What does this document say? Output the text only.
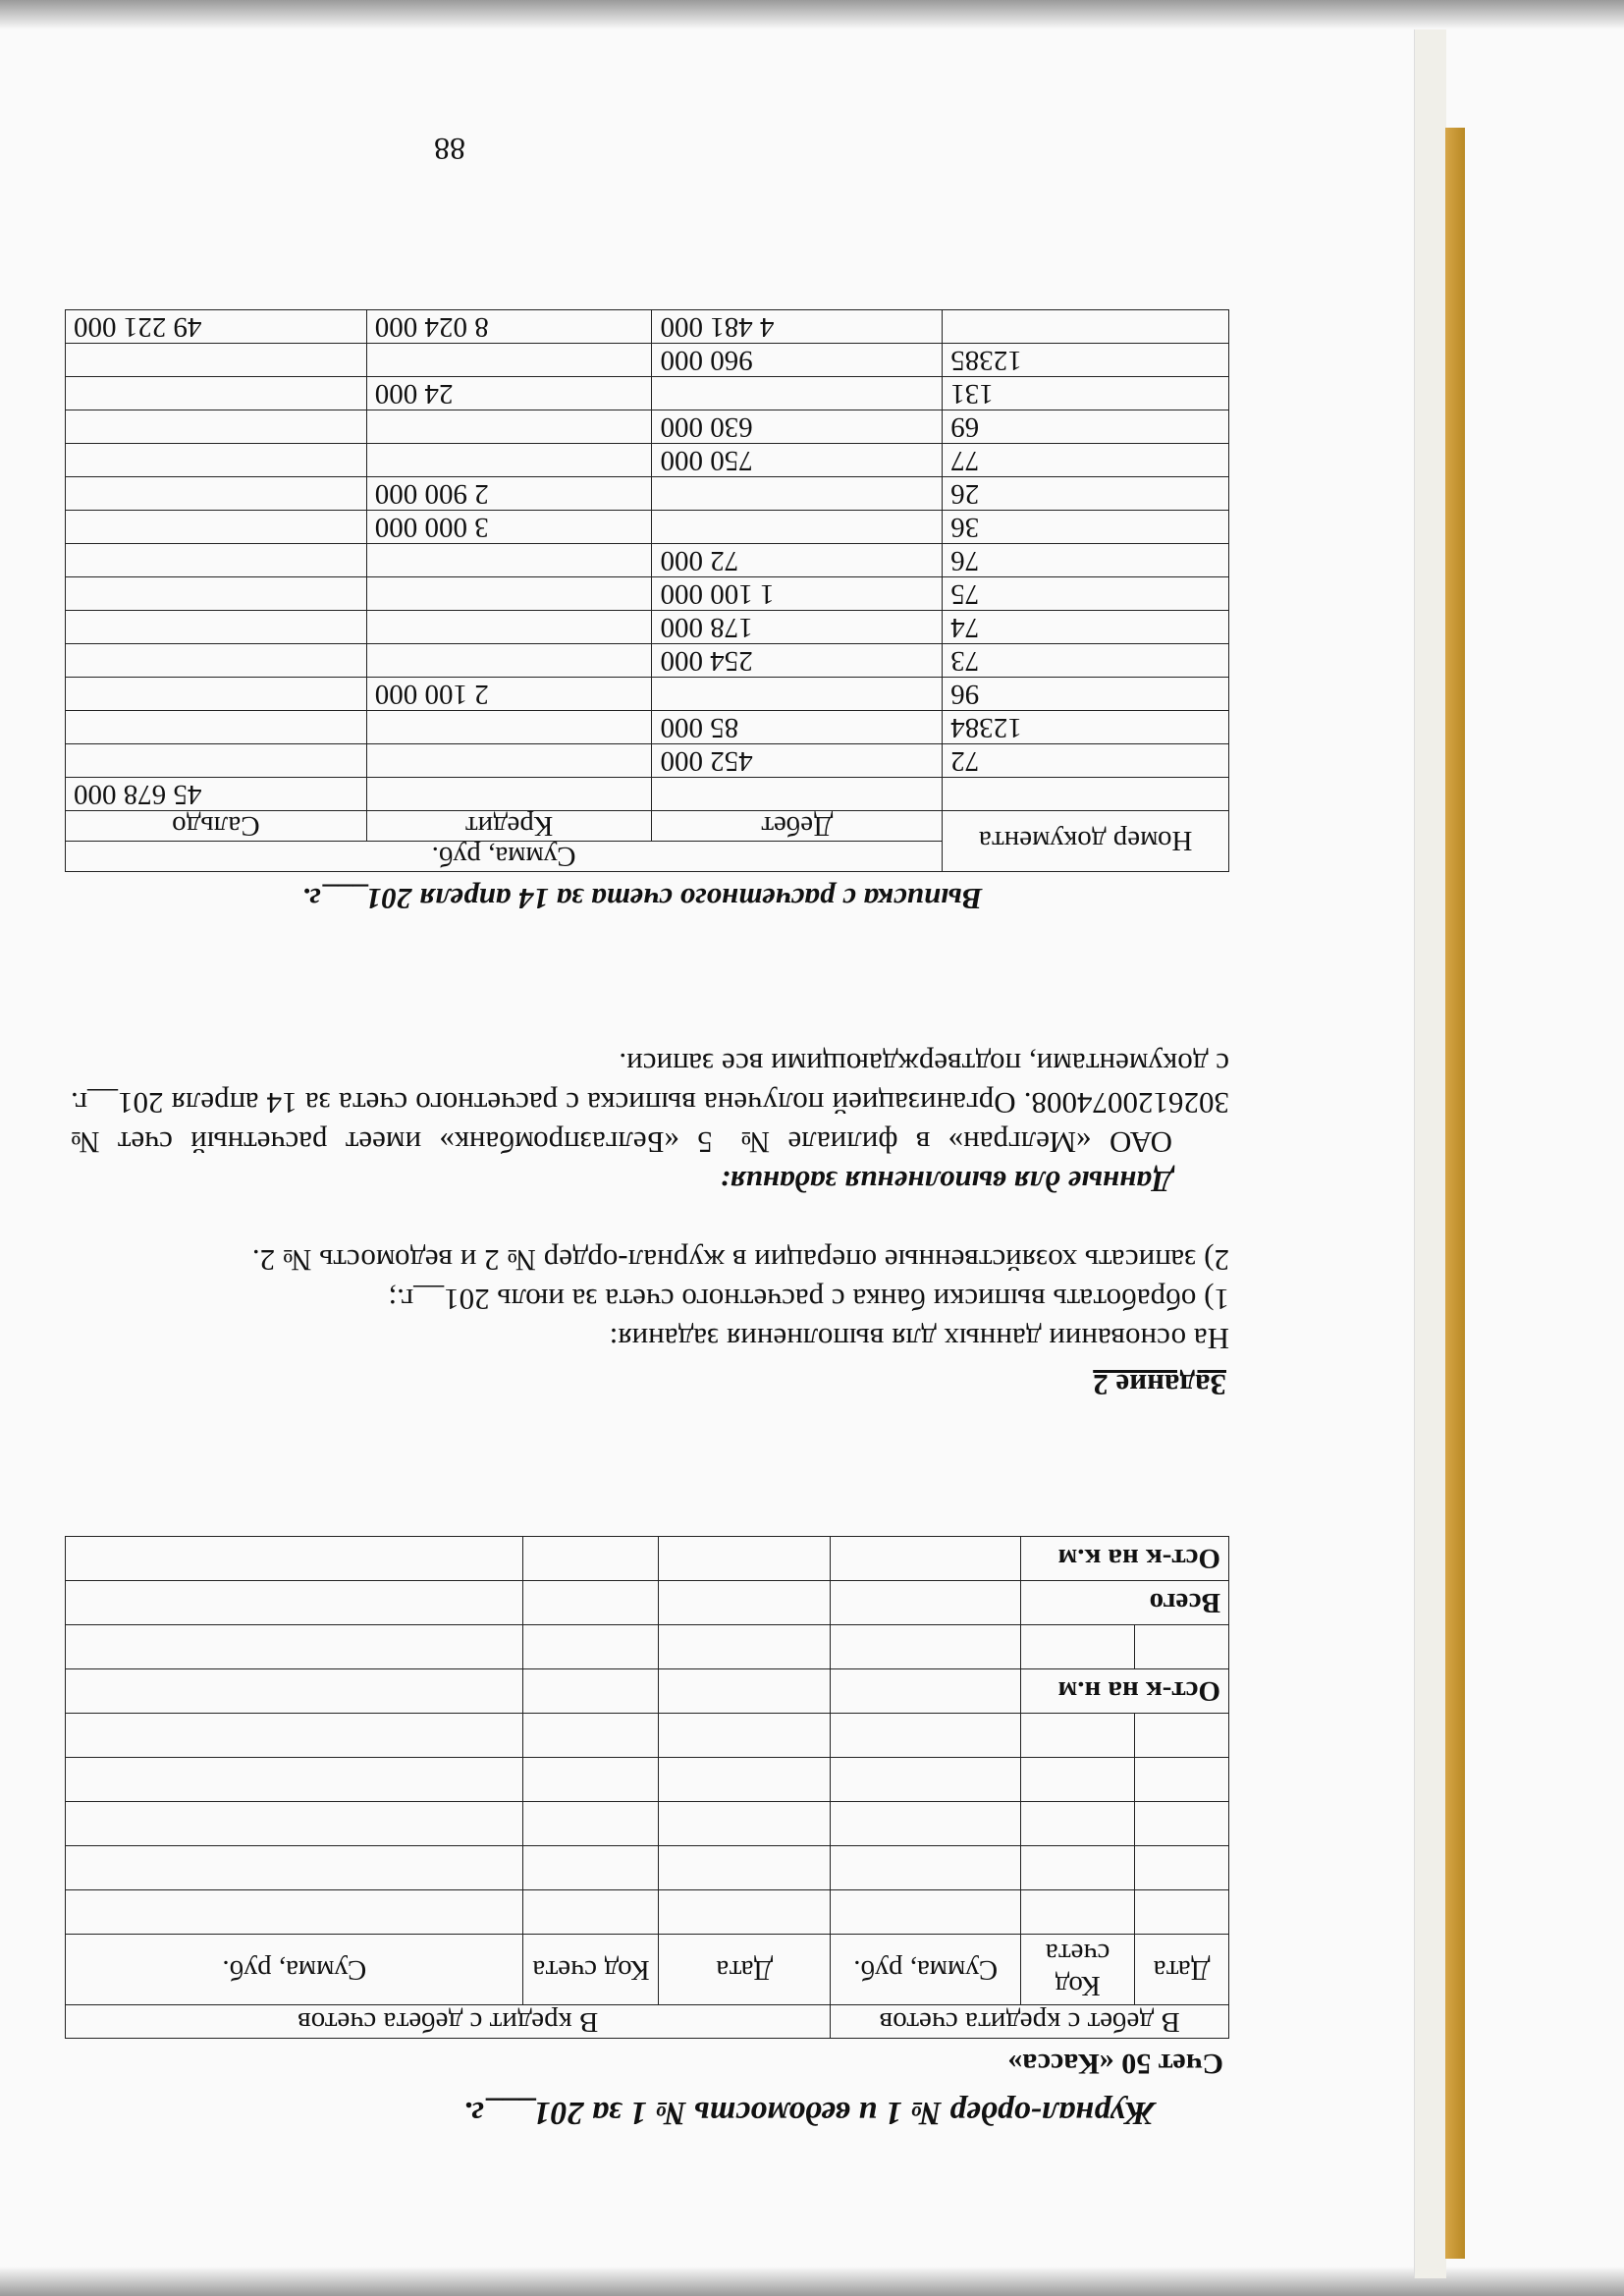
Журнал-ордер № 1 и ведомость № 1 за 201___г.
Счет 50 «Касса»
В дебет с кредита счетов			В кредит с дебета счетов		
Дата	Код счета	Сумма, руб.	Дата	Код счета	Сумма, руб.

Ост-к на н.м					

Всего					
Ост-к на к.м					
Задание 2
На основании данных для выполнения задания:
1) обработать выписки банка с расчетного счета за июль 201__г.;
2) записать хозяйственные операции в журнал-ордер № 2 и ведомость № 2.
Данные для выполнения задания:
ОАО «Мелгран» в филиале № 5 «Белгазпромбанк» имеет расчетный счет № 3026120074008. Организацией получена выписка с расчетного счета за 14 апреля 201__г. с документами, подтверждающими все записи.
Выписка с расчетного счета за 14 апреля 201___г.
Номер документа	Сумма, руб.		
	Дебет	Кредит	Сальдо
			45 678 000
72	452 000		
12384	85 000		
96		2 100 000	
73	254 000		
74	178 000		
75	1 100 000		
76	72 000		
36		3 000 000	
26		2 900 000	
77	750 000		
69	630 000		
131		24 000	
12385	960 000		
	4 481 000	8 024 000	49 221 000
88
